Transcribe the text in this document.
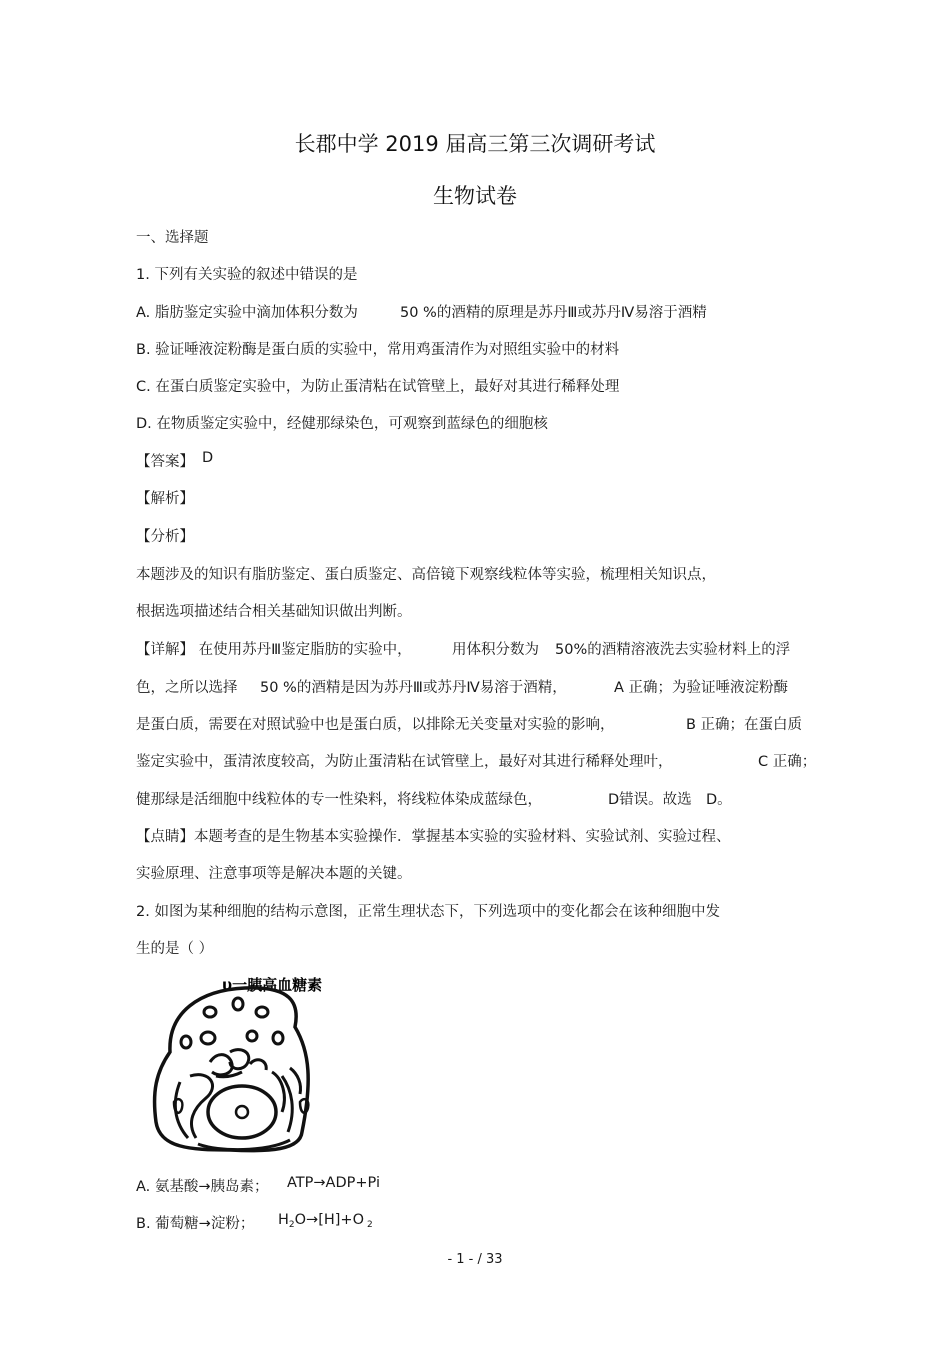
长郡中学 2019 届高三第三次调研考试
生物试卷
一、选择题
1. 下列有关实验的叙述中错误的是
A. 脂肪鉴定实验中滴加体积分数为	50 %的酒精的原理是苏丹Ⅲ或苏丹Ⅳ易溶于酒精
B. 验证唾液淀粉酶是蛋白质的实验中，常用鸡蛋清作为对照组实验中的材料
C. 在蛋白质鉴定实验中，为防止蛋清粘在试管壁上，最好对其进行稀释处理
D. 在物质鉴定实验中，经健那绿染色，可观察到蓝绿色的细胞核
【答案】 D
【解析】
【分析】
本题涉及的知识有脂肪鉴定、蛋白质鉴定、高倍镜下观察线粒体等实验，梳理相关知识点，
根据选项描述结合相关基础知识做出判断。
【详解】 在使用苏丹Ⅲ鉴定脂肪的实验中，	用体积分数为 50%的酒精溶液洗去实验材料上的浮
色，之所以选择 50 %的酒精是因为苏丹Ⅲ或苏丹Ⅳ易溶于酒精，	A 正确；为验证唾液淀粉酶
是蛋白质，需要在对照试验中也是蛋白质，以排除无关变量对实验的影响，	B 正确；在蛋白质
鉴定实验中，蛋清浓度较高，为防止蛋清粘在试管壁上，最好对其进行稀释处理叶，	C 正确；
健那绿是活细胞中线粒体的专一性染料，将线粒体染成蓝绿色，	D错误。故选 D。
【点睛】本题考查的是生物基本实验操作．掌握基本实验的实验材料、实验试剂、实验过程、
实验原理、注意事项等是解决本题的关键。
2. 如图为某种细胞的结构示意图，正常生理状态下，下列选项中的变化都会在该种细胞中发
生的是（ ）
υ一胰高血糖素
A. 氨基酸→胰岛素； ATP→ADP+Pi
B. 葡萄糖→淀粉； $H_2O\to[H]+O$ $_2$
- 1 - / 33
